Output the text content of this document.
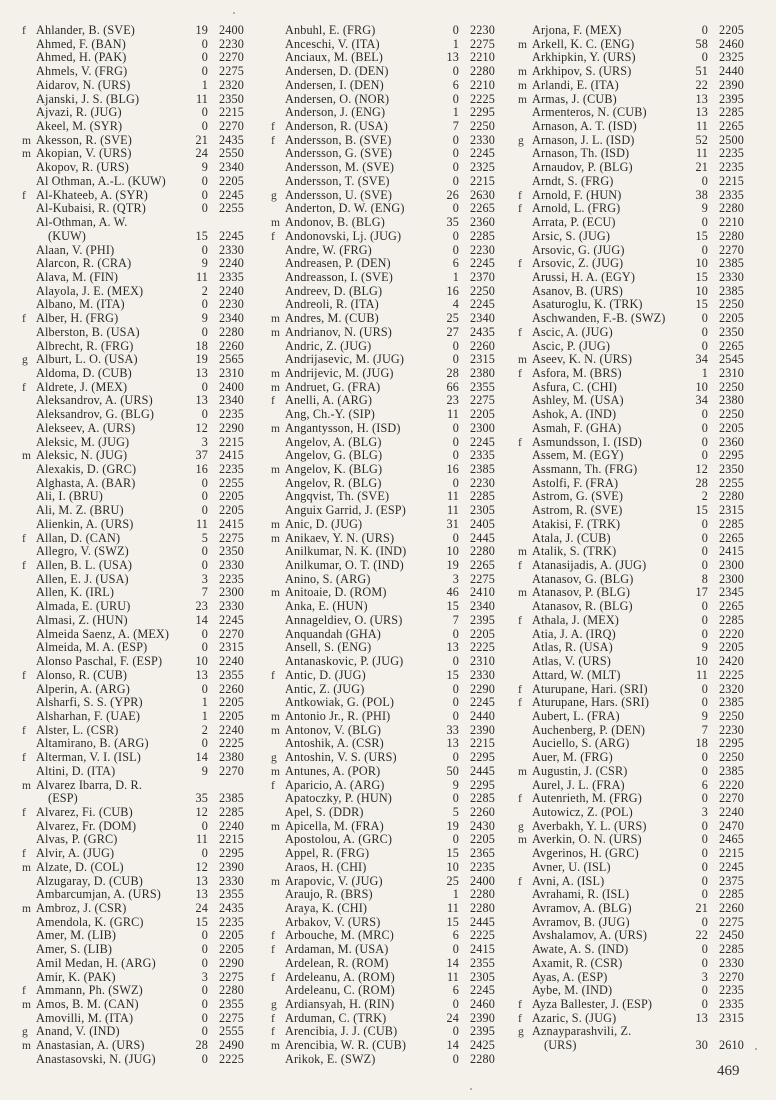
f Ahlander, B. (SVE)	19 2400
Ahmed, F. (BAN)	0 2230
Ahmed, H. (PAK)	0 2270
Ahmels, V. (FRG)	0 2275
Aidarov, N. (URS)	1 2320
Ajanski, J. S. (BLG)	11 2350
Ajvazi, R. (JUG)	0 2215
Akeel, M. (SYR)	0 2270
m Akesson, R. (SVE)	21 2435
m Akopian, V. (URS)	24 2550
Akopov, R. (URS)	9 2340
Al Othman, A.-L. (KUW)	0 2205
f Al-Khateeb, A. (SYR)	0 2245
Al-Kubaisi, R. (QTR)	0 2255
Al-Othman, A. W.
(KUW)	15 2245
Alaan, V. (PHI)	0 2330
Alarcon, R. (CRA)	9 2240
Alava, M. (FIN)	11 2335
Alayola, J. E. (MEX)	2 2240
Albano, M. (ITA)	0 2230
f Alber, H. (FRG)	9 2340
Alberston, B. (USA)	0 2280
Albrecht, R. (FRG)	18 2260
g Alburt, L. O. (USA)	19 2565
Aldoma, D. (CUB)	13 2310
f Aldrete, J. (MEX)	0 2400
Aleksandrov, A. (URS)	13 2340
Aleksandrov, G. (BLG)	0 2235
Alekseev, A. (URS)	12 2290
Aleksic, M. (JUG)	3 2215
m Aleksic, N. (JUG)	37 2415
Alexakis, D. (GRC)	16 2235
Alghasta, A. (BAR)	0 2255
Ali, I. (BRU)	0 2205
Ali, M. Z. (BRU)	0 2205
Alienkin, A. (URS)	11 2415
f Allan, D. (CAN)	5 2275
Allegro, V. (SWZ)	0 2350
f Allen, B. L. (USA)	0 2330
Allen, E. J. (USA)	3 2235
Allen, K. (IRL)	7 2300
Almada, E. (URU)	23 2330
Almasi, Z. (HUN)	14 2245
Almeida Saenz, A. (MEX)	0 2270
Almeida, M. A. (ESP)	0 2315
Alonso Paschal, F. (ESP)	10 2240
f Alonso, R. (CUB)	13 2355
Alperin, A. (ARG)	0 2260
Alsharfi, S. S. (YPR)	1 2205
Alsharhan, F. (UAE)	1 2205
f Alster, L. (CSR)	2 2240
Altamirano, B. (ARG)	0 2225
f Alterman, V. I. (ISL)	14 2380
Altini, D. (ITA)	9 2270
m Alvarez Ibarra, D. R.
(ESP)	35 2385
f Alvarez, Fi. (CUB)	12 2285
Alvarez, Fr. (DOM)	0 2240
Alvas, P. (GRC)	11 2215
f Alvir, A. (JUG)	0 2295
m Alzate, D. (COL)	12 2390
Alzugaray, D. (CUB)	13 2330
Ambarcumjan, A. (URS)	13 2355
m Ambroz, J. (CSR)	24 2435
Amendola, K. (GRC)	15 2235
Amer, M. (LIB)	0 2205
Amer, S. (LIB)	0 2205
Amil Medan, H. (ARG)	0 2290
Amir, K. (PAK)	3 2275
f Ammann, Ph. (SWZ)	0 2280
m Amos, B. M. (CAN)	0 2355
Amovilli, M. (ITA)	0 2275
g Anand, V. (IND)	0 2555
m Anastasian, A. (URS)	28 2490
Anastasovski, N. (JUG)	0 2225
Anbuhl, E. (FRG)	0 2230
Anceschi, V. (ITA)	1 2275
Anciaux, M. (BEL)	13 2210
Andersen, D. (DEN)	0 2280
Andersen, I. (DEN)	6 2210
Andersen, O. (NOR)	0 2225
Anderson, J. (ENG)	1 2295
f Anderson, R. (USA)	7 2250
f Andersson, B. (SVE)	0 2330
Andersson, G. (SVE)	0 2245
Andersson, M. (SVE)	0 2325
Andersson, T. (SVE)	0 2215
g Andersson, U. (SVE)	26 2630
Anderton, D. W. (ENG)	0 2265
m Andonov, B. (BLG)	35 2360
f Andonovski, Lj. (JUG)	0 2285
Andre, W. (FRG)	0 2230
Andreasen, P. (DEN)	6 2245
Andreasson, I. (SVE)	1 2370
Andreev, D. (BLG)	16 2250
Andreoli, R. (ITA)	4 2245
m Andres, M. (CUB)	25 2340
m Andrianov, N. (URS)	27 2435
Andric, Z. (JUG)	0 2260
Andrijasevic, M. (JUG)	0 2315
m Andrijevic, M. (JUG)	28 2380
m Andruet, G. (FRA)	66 2355
f Anelli, A. (ARG)	23 2275
Ang, Ch.-Y. (SIP)	11 2205
m Angantysson, H. (ISD)	0 2300
Angelov, A. (BLG)	0 2245
Angelov, G. (BLG)	0 2335
m Angelov, K. (BLG)	16 2385
Angelov, R. (BLG)	0 2230
Angqvist, Th. (SVE)	11 2285
Anguix Garrid, J. (ESP)	11 2305
m Anic, D. (JUG)	31 2405
m Anikaev, Y. N. (URS)	0 2445
Anilkumar, N. K. (IND)	10 2280
Anilkumar, O. T. (IND)	19 2265
Anino, S. (ARG)	3 2275
m Anitoaie, D. (ROM)	46 2410
Anka, E. (HUN)	15 2340
Annageldiev, O. (URS)	7 2395
Anquandah (GHA)	0 2205
Ansell, S. (ENG)	13 2225
Antanaskovic, P. (JUG)	0 2310
f Antic, D. (JUG)	15 2330
Antic, Z. (JUG)	0 2290
Antkowiak, G. (POL)	0 2245
m Antonio Jr., R. (PHI)	0 2440
m Antonov, V. (BLG)	33 2390
Antoshik, A. (CSR)	13 2215
g Antoshin, V. S. (URS)	0 2295
m Antunes, A. (POR)	50 2445
f Aparicio, A. (ARG)	9 2295
Apatoczky, P. (HUN)	0 2285
Apel, S. (DDR)	5 2260
m Apicella, M. (FRA)	19 2430
Apostolou, A. (GRC)	0 2205
Appel, R. (FRG)	15 2365
Araos, H. (CHI)	10 2235
m Arapovic, V. (JUG)	25 2400
Araujo, R. (BRS)	1 2280
Araya, K. (CHI)	11 2280
Arbakov, V. (URS)	15 2445
f Arbouche, M. (MRC)	6 2225
f Ardaman, M. (USA)	0 2415
Ardelean, R. (ROM)	14 2355
f Ardeleanu, A. (ROM)	11 2305
Ardeleanu, C. (ROM)	6 2245
g Ardiansyah, H. (RIN)	0 2460
f Arduman, C. (TRK)	24 2390
f Arencibia, J. J. (CUB)	0 2395
m Arencibia, W. R. (CUB)	14 2425
Arikok, E. (SWZ)	0 2280
Arjona, F. (MEX)	0 2205
m Arkell, K. C. (ENG)	58 2460
Arkhipkin, Y. (URS)	0 2325
m Arkhipov, S. (URS)	51 2440
m Arlandi, E. (ITA)	22 2390
m Armas, J. (CUB)	13 2395
Armenteros, N. (CUB)	13 2285
Arnason, A. T. (ISD)	11 2265
g Arnason, J. L. (ISD)	52 2500
Arnason, Th. (ISD)	11 2235
Arnaudov, P. (BLG)	21 2235
Arndt, S. (FRG)	0 2215
f Arnold, F. (HUN)	38 2335
f Arnold, L. (FRG)	9 2280
Arrata, P. (ECU)	0 2210
Arsic, S. (JUG)	15 2280
Arsovic, G. (JUG)	0 2270
f Arsovic, Z. (JUG)	10 2385
Arussi, H. A. (EGY)	15 2330
Asanov, B. (URS)	10 2385
Asaturoglu, K. (TRK)	15 2250
Aschwanden, F.-B. (SWZ)	0 2205
f Ascic, A. (JUG)	0 2350
Ascic, P. (JUG)	0 2265
m Aseev, K. N. (URS)	34 2545
f Asfora, M. (BRS)	1 2310
Asfura, C. (CHI)	10 2250
Ashley, M. (USA)	34 2380
Ashok, A. (IND)	0 2250
Asmah, F. (GHA)	0 2205
f Asmundsson, I. (ISD)	0 2360
Assem, M. (EGY)	0 2295
Assmann, Th. (FRG)	12 2350
Astolfi, F. (FRA)	28 2255
Astrom, G. (SVE)	2 2280
Astrom, R. (SVE)	15 2315
Atakisi, F. (TRK)	0 2285
Atala, J. (CUB)	0 2265
m Atalik, S. (TRK)	0 2415
f Atanasijadis, A. (JUG)	0 2300
Atanasov, G. (BLG)	8 2300
m Atanasov, P. (BLG)	17 2345
Atanasov, R. (BLG)	0 2265
f Athala, J. (MEX)	0 2285
Atia, J. A. (IRQ)	0 2220
Atlas, R. (USA)	9 2205
Atlas, V. (URS)	10 2420
Attard, W. (MLT)	11 2225
f Aturupane, Hari. (SRI)	0 2320
f Aturupane, Hars. (SRI)	0 2385
Aubert, L. (FRA)	9 2250
Auchenberg, P. (DEN)	7 2230
Auciello, S. (ARG)	18 2295
Auer, M. (FRG)	0 2250
m Augustin, J. (CSR)	0 2385
Aurel, J. L. (FRA)	6 2220
f Autenrieth, M. (FRG)	0 2270
Autowicz, Z. (POL)	3 2240
g Averbakh, Y. L. (URS)	0 2470
m Averkin, O. N. (URS)	0 2465
Avgerinos, H. (GRC)	0 2215
Avner, U. (ISL)	0 2245
f Avni, A. (ISL)	0 2375
Avrahami, R. (ISL)	0 2285
Avramov, A. (BLG)	21 2260
Avramov, B. (JUG)	0 2275
Avshalamov, A. (URS)	22 2450
Awate, A. S. (IND)	0 2285
Axamit, R. (CSR)	0 2330
Ayas, A. (ESP)	3 2270
Aybe, M. (IND)	0 2235
f Ayza Ballester, J. (ESP)	0 2335
f Azaric, S. (JUG)	13 2315
g Aznayparashvili, Z.
(URS)	30 2610
469
